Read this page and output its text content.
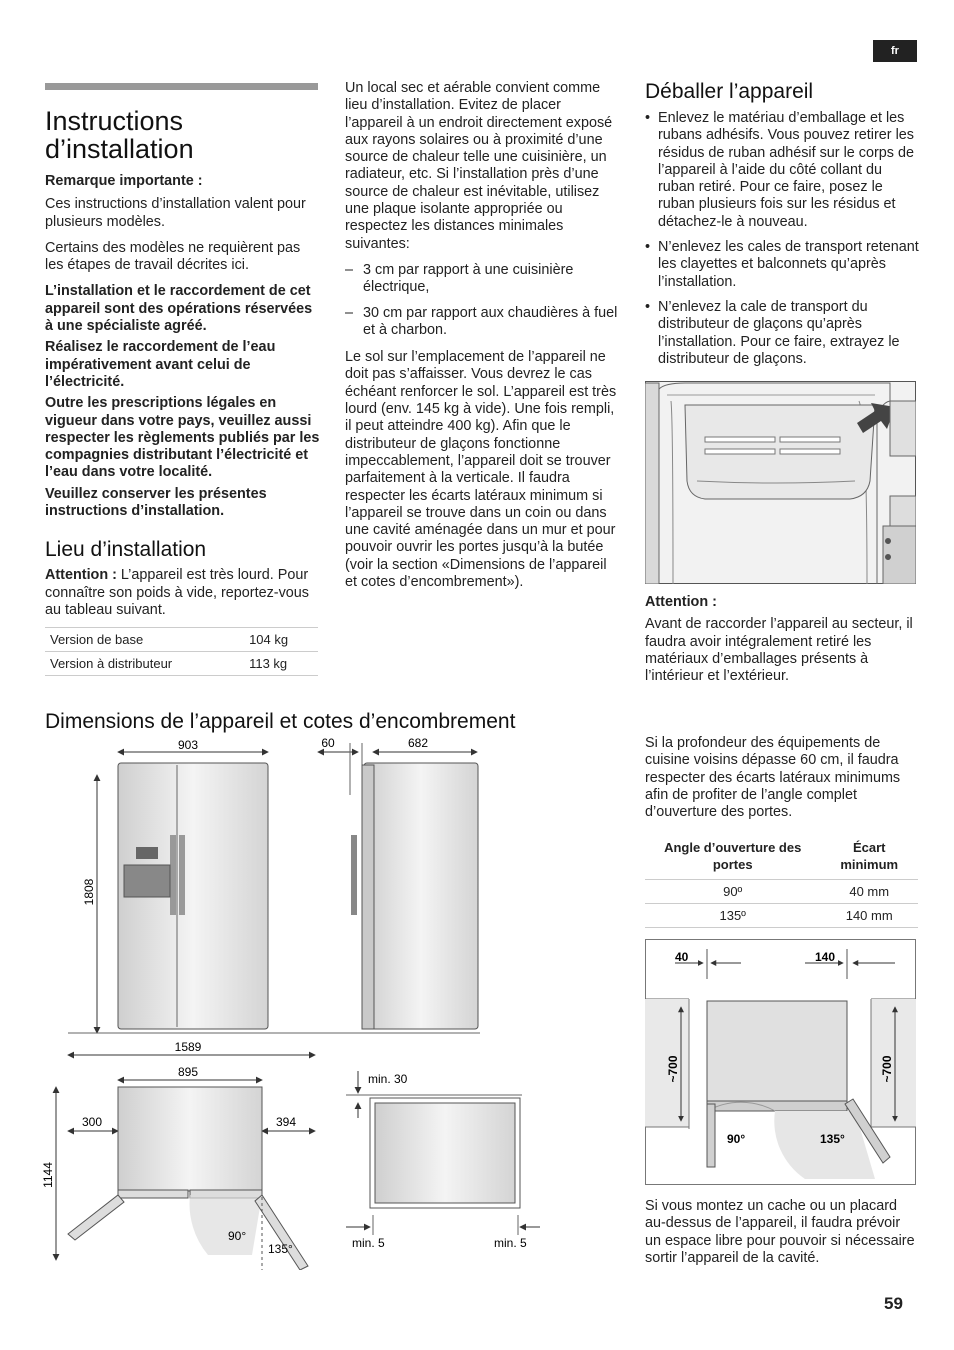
fr
Instructions
d’installation

Remarque importante :

Ces instructions d’installation valent pour plusieurs modèles.

Certains des modèles ne requièrent pas les étapes de travail décrites ici.

L’installation et le raccordement de cet appareil sont des opérations réservées à une spécialiste agréé.

Réalisez le raccordement de l’eau impérativement avant celui de l’électricité.

Outre les prescriptions légales en vigueur dans votre pays, veuillez aussi respecter les règlements publiés par les compagnies distributant l’électricité et l’eau dans votre localité.

Veuillez conserver les présentes instructions d’installation.

Lieu d’installation

Attention : L’appareil est très lourd. Pour connaître son poids à vide, reportez-vous au tableau suivant.

Version de base	104 kg
Version à distributeur	113 kg

Un local sec et aérable convient comme lieu d’installation. Evitez de placer l’appareil à un endroit directement exposé aux rayons solaires ou à proximité d’une source de chaleur telle une cuisinière, un radiateur, etc. Si l’installation près d’une source de chaleur est inévitable, utilisez une plaque isolante appropriée ou respectez les distances minimales suivantes:

– 3 cm par rapport à une cuisinière électrique,
– 30 cm par rapport aux chaudières à fuel et à charbon.

Le sol sur l’emplacement de l’appareil ne doit pas s’affaisser. Vous devrez le cas échéant renforcer le sol. L’appareil est très lourd (env. 145 kg à vide). Une fois rempli, il peut atteindre 400 kg). Afin que le distributeur de glaçons fonctionne impeccablement, l’appareil doit se trouver parfaitement à la verticale. Il faudra respecter les écarts latéraux minimum si l’appareil se trouve dans un coin ou dans une cavité aménagée dans un mur et pour pouvoir ouvrir les portes jusqu’à la butée (voir la section «Dimensions de l’appareil et cotes d’encombrement»).

Déballer l’appareil
• Enlevez le matériau d’emballage et les rubans adhésifs. Vous pouvez retirer les résidus de ruban adhésif sur le corps de l’appareil à l’aide du côté collant du ruban retiré. Pour ce faire, posez le ruban plusieurs fois sur les résidus et détachez-le à nouveau.
• N’enlevez les cales de transport retenant les clayettes et balconnets qu’après l’installation.
• N’enlevez la cale de transport du distributeur de glaçons qu’après l’installation. Pour ce faire, extrayez le distributeur de glaçons.

Attention :

Avant de raccorder l’appareil au secteur, il faudra avoir intégralement retiré les matériaux d’emballages présents à l’intérieur et l’extérieur.

Dimensions de l’appareil et cotes d’encombrement
903
1808
60	682
1589
895
300	394
1144
90°
135°
min. 30
min. 5	min. 5

Si la profondeur des équipements de cuisine voisins dépasse 60 cm, il faudra respecter des écarts latéraux minimums afin de profiter de l’angle complet d’ouverture des portes.

Angle d’ouverture des portes	Écart minimum
90º	40 mm
135º	140 mm
40	140
~700	~700
90°	135°

Si vous montez un cache ou un placard au-dessus de l’appareil, il faudra prévoir un espace libre pour pouvoir si nécessaire sortir l’appareil de la cavité.

59
